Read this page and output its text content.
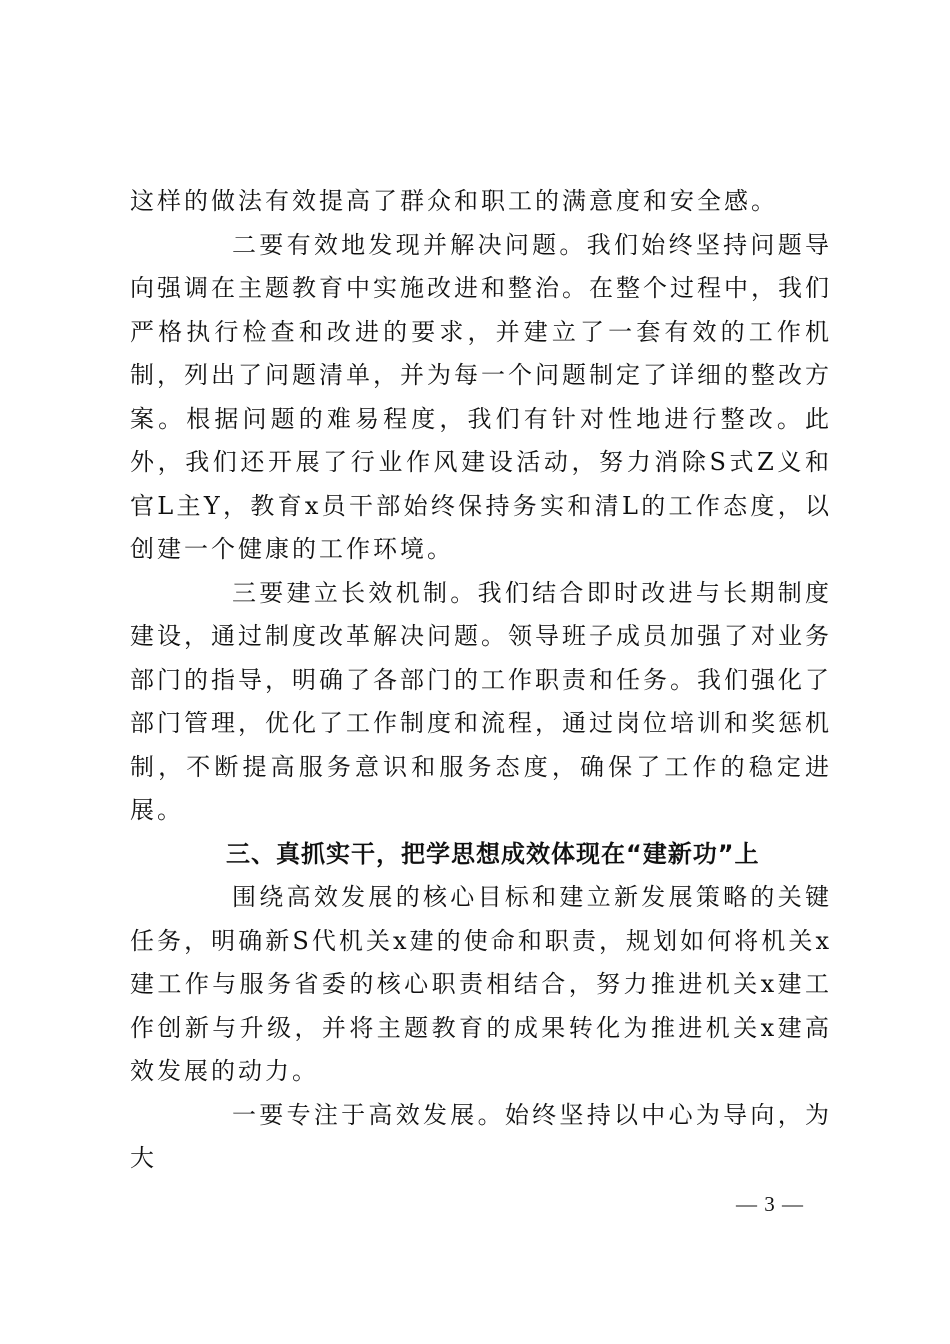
这样的做法有效提高了群众和职工的满意度和安全感。

二要有效地发现并解决问题。我们始终坚持问题导向强调在主题教育中实施改进和整治。在整个过程中，我们严格执行检查和改进的要求，并建立了一套有效的工作机制，列出了问题清单，并为每一个问题制定了详细的整改方案。根据问题的难易程度，我们有针对性地进行整改。此外，我们还开展了行业作风建设活动，努力消除S式Z义和官L主Y，教育x员干部始终保持务实和清L的工作态度，以创建一个健康的工作环境。

三要建立长效机制。我们结合即时改进与长期制度建设，通过制度改革解决问题。领导班子成员加强了对业务部门的指导，明确了各部门的工作职责和任务。我们强化了部门管理，优化了工作制度和流程，通过岗位培训和奖惩机制，不断提高服务意识和服务态度，确保了工作的稳定进展。

三、真抓实干，把学思想成效体现在“建新功”上

围绕高效发展的核心目标和建立新发展策略的关键任务，明确新S代机关x建的使命和职责，规划如何将机关x建工作与服务省委的核心职责相结合，努力推进机关x建工作创新与升级，并将主题教育的成果转化为推进机关x建高效发展的动力。

一要专注于高效发展。始终坚持以中心为导向，为大

— 3 —
